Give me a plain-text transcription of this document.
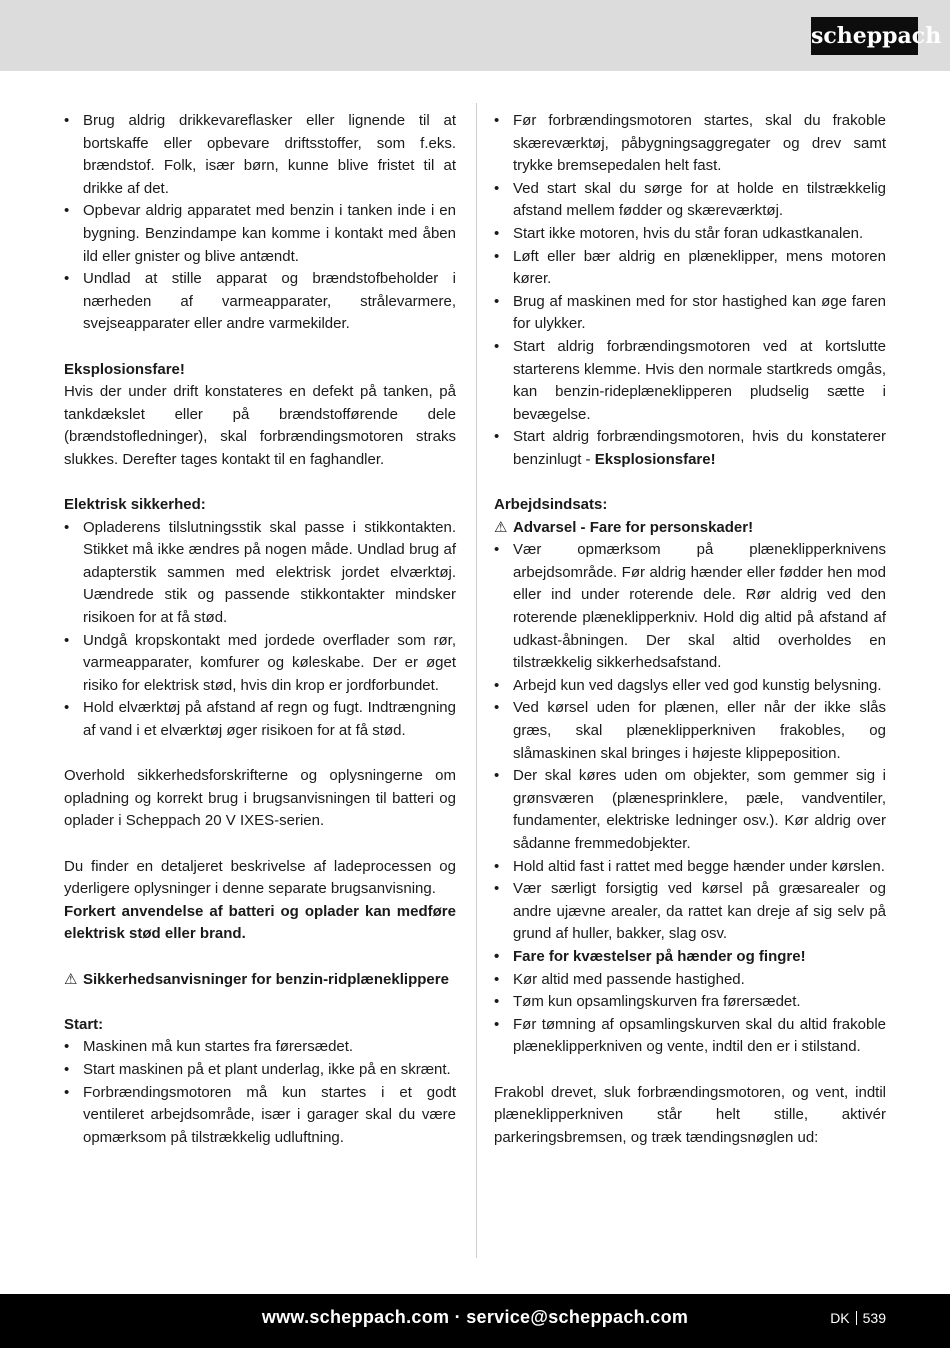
scheppach
• Brug aldrig drikkevareflasker eller lignende til at bortskaffe eller opbevare driftsstoffer, som f.eks. brændstof. Folk, især børn, kunne blive fristet til at drikke af det.
• Opbevar aldrig apparatet med benzin i tanken inde i en bygning. Benzindampe kan komme i kontakt med åben ild eller gnister og blive antændt.
• Undlad at stille apparat og brændstofbeholder i nærheden af varmeapparater, strålevarmere, svejseapparater eller andre varmekilder.

Eksplosionsfare!

Hvis der under drift konstateres en defekt på tanken, på tankdækslet eller på brændstofførende dele (brændstofledninger), skal forbrændingsmotoren straks slukkes. Derefter tages kontakt til en faghandler.

Elektrisk sikkerhed:

• Opladerens tilslutningsstik skal passe i stikkontakten. Stikket må ikke ændres på nogen måde. Undlad brug af adapterstik sammen med elektrisk jordet elværktøj. Uændrede stik og passende stikkontakter mindsker risikoen for at få stød.
• Undgå kropskontakt med jordede overflader som rør, varmeapparater, komfurer og køleskabe. Der er øget risiko for elektrisk stød, hvis din krop er jordforbundet.
• Hold elværktøj på afstand af regn og fugt. Indtrængning af vand i et elværktøj øger risikoen for at få stød.

Overhold sikkerhedsforskrifterne og oplysningerne om opladning og korrekt brug i brugsanvisningen til batteri og oplader i Scheppach 20 V IXES-serien.

Du finder en detaljeret beskrivelse af ladeprocessen og yderligere oplysninger i denne separate brugsanvisning.

Forkert anvendelse af batteri og oplader kan medføre elektrisk stød eller brand.

⚠ Sikkerhedsanvisninger for benzin-ridplæneklippere

Start:

• Maskinen må kun startes fra førersædet.
• Start maskinen på et plant underlag, ikke på en skrænt.
• Forbrændingsmotoren må kun startes i et godt ventileret arbejdsområde, især i garager skal du være opmærksom på tilstrækkelig udluftning.
• Før forbrændingsmotoren startes, skal du frakoble skæreværktøj, påbygningsaggregater og drev samt trykke bremsepedalen helt fast.
• Ved start skal du sørge for at holde en tilstrækkelig afstand mellem fødder og skæreværktøj.
• Start ikke motoren, hvis du står foran udkastkanalen.
• Løft eller bær aldrig en plæneklipper, mens motoren kører.
• Brug af maskinen med for stor hastighed kan øge faren for ulykker.
• Start aldrig forbrændingsmotoren ved at kortslutte starterens klemme. Hvis den normale startkreds omgås, kan benzin-rideplæneklipperen pludselig sætte i bevægelse.
• Start aldrig forbrændingsmotoren, hvis du konstaterer benzinlugt - Eksplosionsfare!

Arbejdsindsats:

⚠ Advarsel - Fare for personskader!

• Vær opmærksom på plæneklipperknivens arbejdsområde. Før aldrig hænder eller fødder hen mod eller ind under roterende dele. Rør aldrig ved den roterende plæneklipperkniv. Hold dig altid på afstand af udkast-åbningen. Der skal altid overholdes en tilstrækkelig sikkerhedsafstand.
• Arbejd kun ved dagslys eller ved god kunstig belysning.
• Ved kørsel uden for plænen, eller når der ikke slås græs, skal plæneklipperkniven frakobles, og slåmaskinen skal bringes i højeste klippeposition.
• Der skal køres uden om objekter, som gemmer sig i grønsværen (plænesprinklere, pæle, vandventiler, fundamenter, elektriske ledninger osv.). Kør aldrig over sådanne fremmedobjekter.
• Hold altid fast i rattet med begge hænder under kørslen.
• Vær særligt forsigtig ved kørsel på græsarealer og andre ujævne arealer, da rattet kan dreje af sig selv på grund af huller, bakker, slag osv.
• Fare for kvæstelser på hænder og fingre!
• Kør altid med passende hastighed.
• Tøm kun opsamlingskurven fra førersædet.
• Før tømning af opsamlingskurven skal du altid frakoble plæneklipperkniven og vente, indtil den er i stilstand.

Frakobl drevet, sluk forbrændingsmotoren, og vent, indtil plæneklipperkniven står helt stille, aktivér parkeringsbremsen, og træk tændingsnøglen ud:

www.scheppach.com · service@scheppach.com	DK 539
